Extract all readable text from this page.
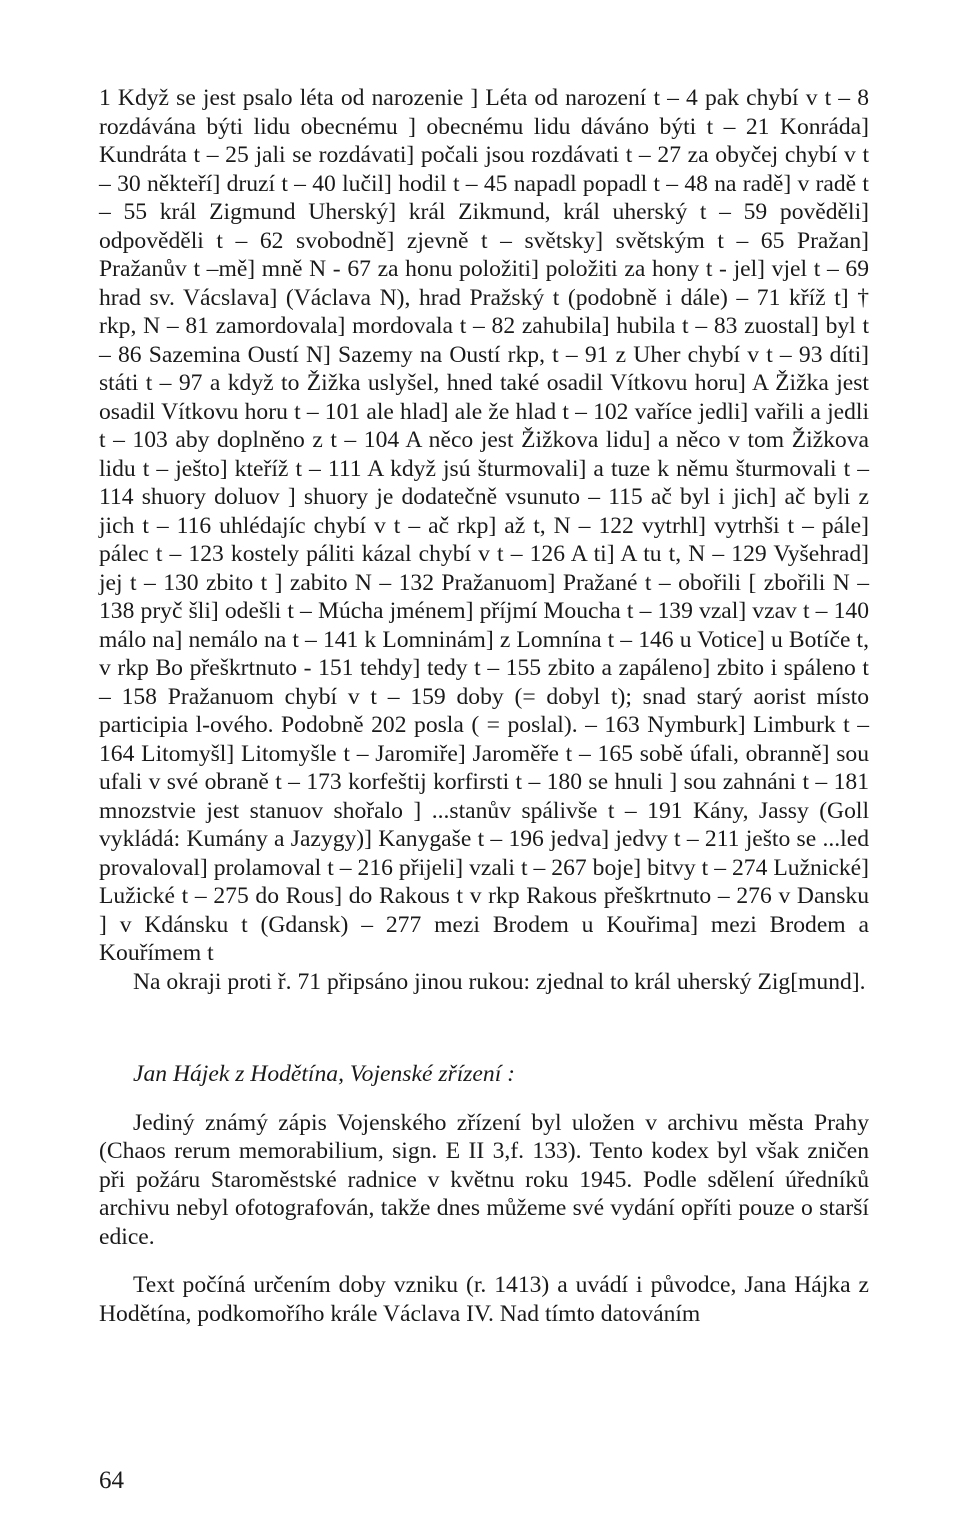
1 Když se jest psalo léta od narozenie ] Léta od narození t – 4 pak chybí v t – 8 rozdávána býti lidu obecnému ] obecnému lidu dáváno býti t – 21 Konráda] Kundráta t – 25 jali se rozdávati] počali jsou rozdávati t – 27 za obyčej chybí v t – 30 někteří] druzí t – 40 lučil] hodil t – 45 napadl popadl t – 48 na radě] v radě t – 55 král Zigmund Uherský] král Zikmund, král uherský t – 59 pověděli] odpověděli t – 62 svobodně] zjevně t – světsky] světským t – 65 Pražan] Pražanův t –mě] mně N - 67 za honu položiti] položiti za hony t - jel] vjel t – 69 hrad sv. Vácslava] (Václava N), hrad Pražský t (podobně i dále) – 71 kříž t] † rkp, N – 81 zamordovala] mordovala t – 82 zahubila] hubila t – 83 zuostal] byl t – 86 Sazemina Oustí N] Sazemy na Oustí rkp, t – 91 z Uher chybí v t – 93 díti] státi t – 97 a když to Žižka uslyšel, hned také osadil Vítkovu horu] A Žižka jest osadil Vítkovu horu t – 101 ale hlad] ale že hlad t – 102 vaříce jedli] vařili a jedli t – 103 aby doplněno z t – 104 A něco jest Žižkova lidu] a něco v tom Žižkova lidu t – ješto] kteříž t – 111 A když jsú šturmovali] a tuze k němu šturmovali t – 114 shuory doluov ] shuory je dodatečně vsunuto – 115 ač byl i jich] ač byli z jich t – 116 uhlédajíc chybí v t – ač rkp] až t, N – 122 vytrhl] vytrhši t – pále] pálec t – 123 kostely páliti kázal chybí v t – 126 A ti] A tu t, N – 129 Vyšehrad] jej t – 130 zbito t ] zabito N – 132 Pražanuom] Pražané t – obořili [ zbořili N – 138 pryč šli] odešli t – Múcha jménem] příjmí Moucha t – 139 vzal] vzav t – 140 málo na] nemálo na t – 141 k Lomninám] z Lomnína t – 146 u Votice] u Botíče t, v rkp Bo přeškrtnuto - 151 tehdy] tedy t – 155 zbito a zapáleno] zbito i spáleno t – 158 Pražanuom chybí v t – 159 doby (= dobyl t); snad starý aorist místo participia l-ového. Podobně 202 posla ( = poslal). – 163 Nymburk] Limburk t – 164 Litomyšl] Litomyšle t – Jaromiře] Jaroměře t – 165 sobě úfali, obranně] sou ufali v své obraně t – 173 korfeštij korfirsti t – 180 se hnuli ] sou zahnáni t – 181 mnozstvie jest stanuov shořalo ] ...stanův spálivše t – 191 Kány, Jassy (Goll vykládá: Kumány a Jazygy)] Kanygaše t – 196 jedva] jedvy t – 211 ješto se ...led provaloval] prolamoval t – 216 přijeli] vzali t – 267 boje] bitvy t – 274 Lužnické] Lužické t – 275 do Rous] do Rakous t v rkp Rakous přeškrtnuto – 276 v Dansku ] v Kdánsku t (Gdansk) – 277 mezi Brodem u Kouřima] mezi Brodem a Kouřímem t

Na okraji proti ř. 71 připsáno jinou rukou: zjednal to král uherský Zig[mund].

Jan Hájek z Hodětína, Vojenské zřízení :

Jediný známý zápis Vojenského zřízení byl uložen v archivu města Prahy (Chaos rerum memorabilium, sign. E II 3,f. 133). Tento kodex byl však zničen při požáru Staroměstské radnice v květnu roku 1945. Podle sdělení úředníků archivu nebyl ofotografován, takže dnes můžeme své vydání opříti pouze o starší edice.

Text počíná určením doby vzniku (r. 1413) a uvádí i původce, Jana Hájka z Hodětína, podkomořího krále Václava IV. Nad tímto datováním

64
